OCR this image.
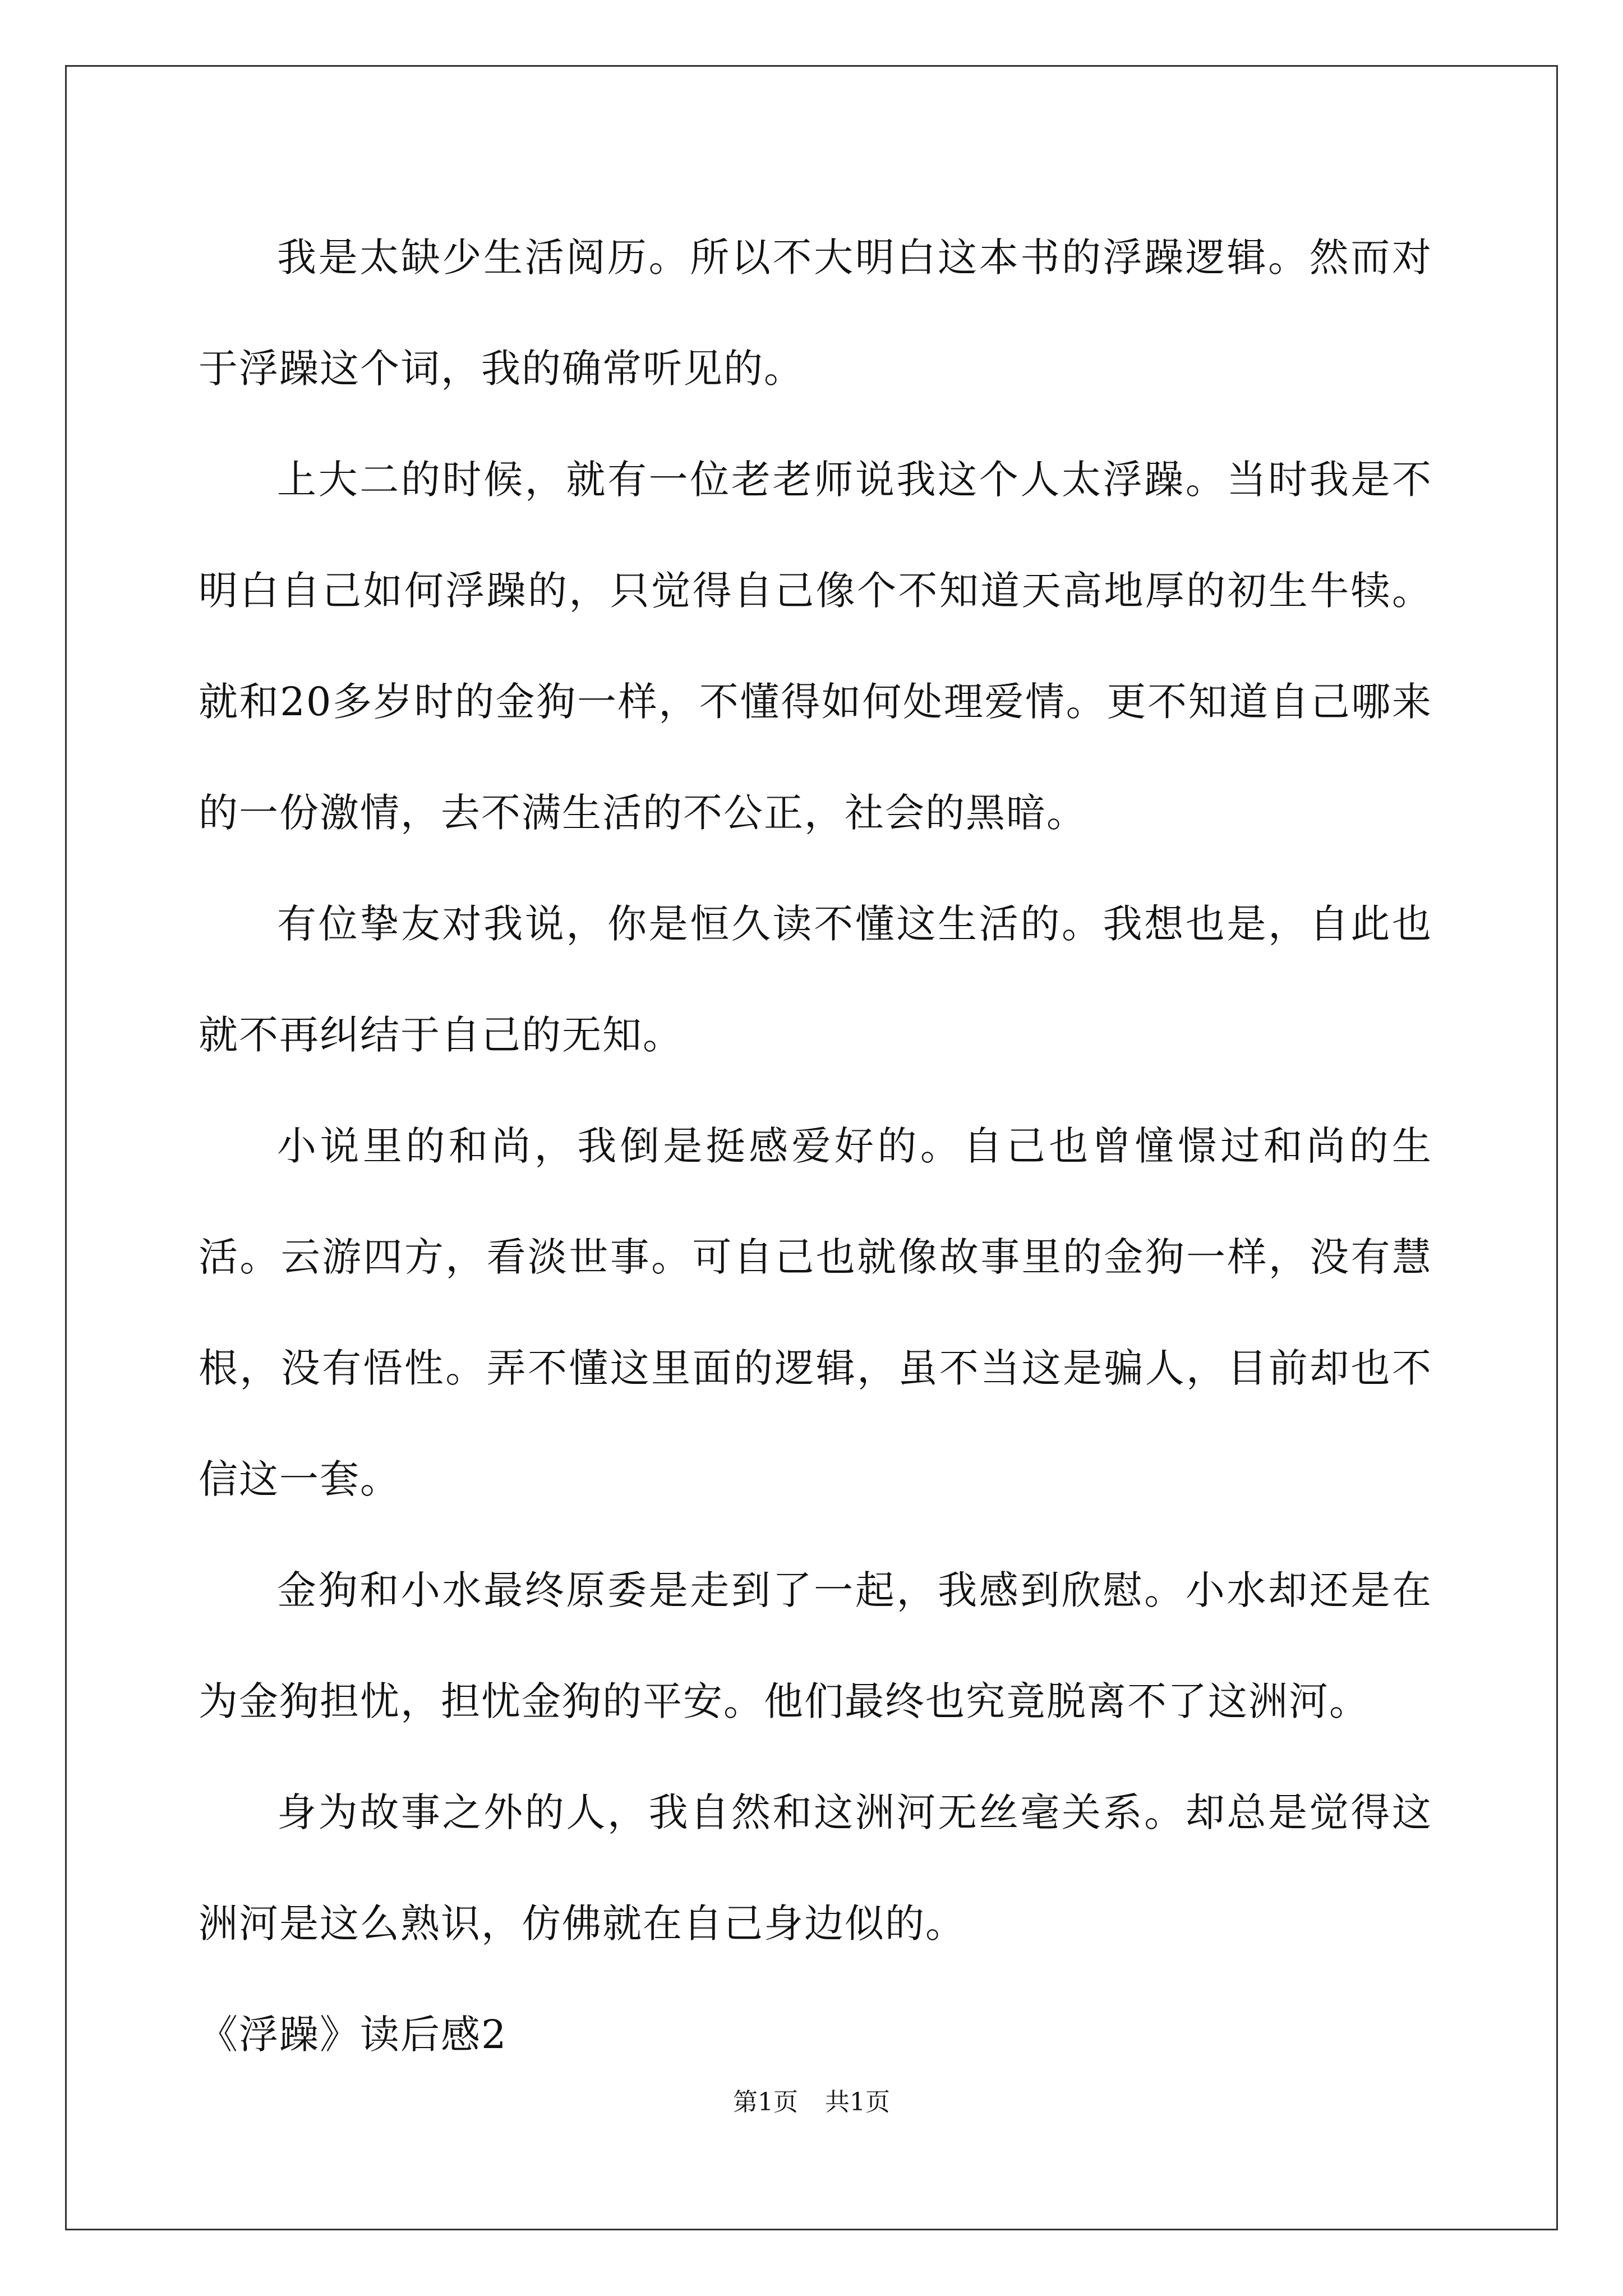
我是太缺少生活阅历。所以不大明白这本书的浮躁逻辑。然而对于浮躁这个词，我的确常听见的。

上大二的时候，就有一位老老师说我这个人太浮躁。当时我是不明白自己如何浮躁的，只觉得自己像个不知道天高地厚的初生牛犊。就和20多岁时的金狗一样，不懂得如何处理爱情。更不知道自己哪来的一份激情，去不满生活的不公正，社会的黑暗。

有位挚友对我说，你是恒久读不懂这生活的。我想也是，自此也就不再纠结于自己的无知。

小说里的和尚，我倒是挺感爱好的。自己也曾憧憬过和尚的生活。云游四方，看淡世事。可自己也就像故事里的金狗一样，没有慧根，没有悟性。弄不懂这里面的逻辑，虽不当这是骗人，目前却也不信这一套。

金狗和小水最终原委是走到了一起，我感到欣慰。小水却还是在为金狗担忧，担忧金狗的平安。他们最终也究竟脱离不了这洲河。

身为故事之外的人，我自然和这洲河无丝毫关系。却总是觉得这洲河是这么熟识，仿佛就在自己身边似的。

《浮躁》读后感2

第1页 共1页
